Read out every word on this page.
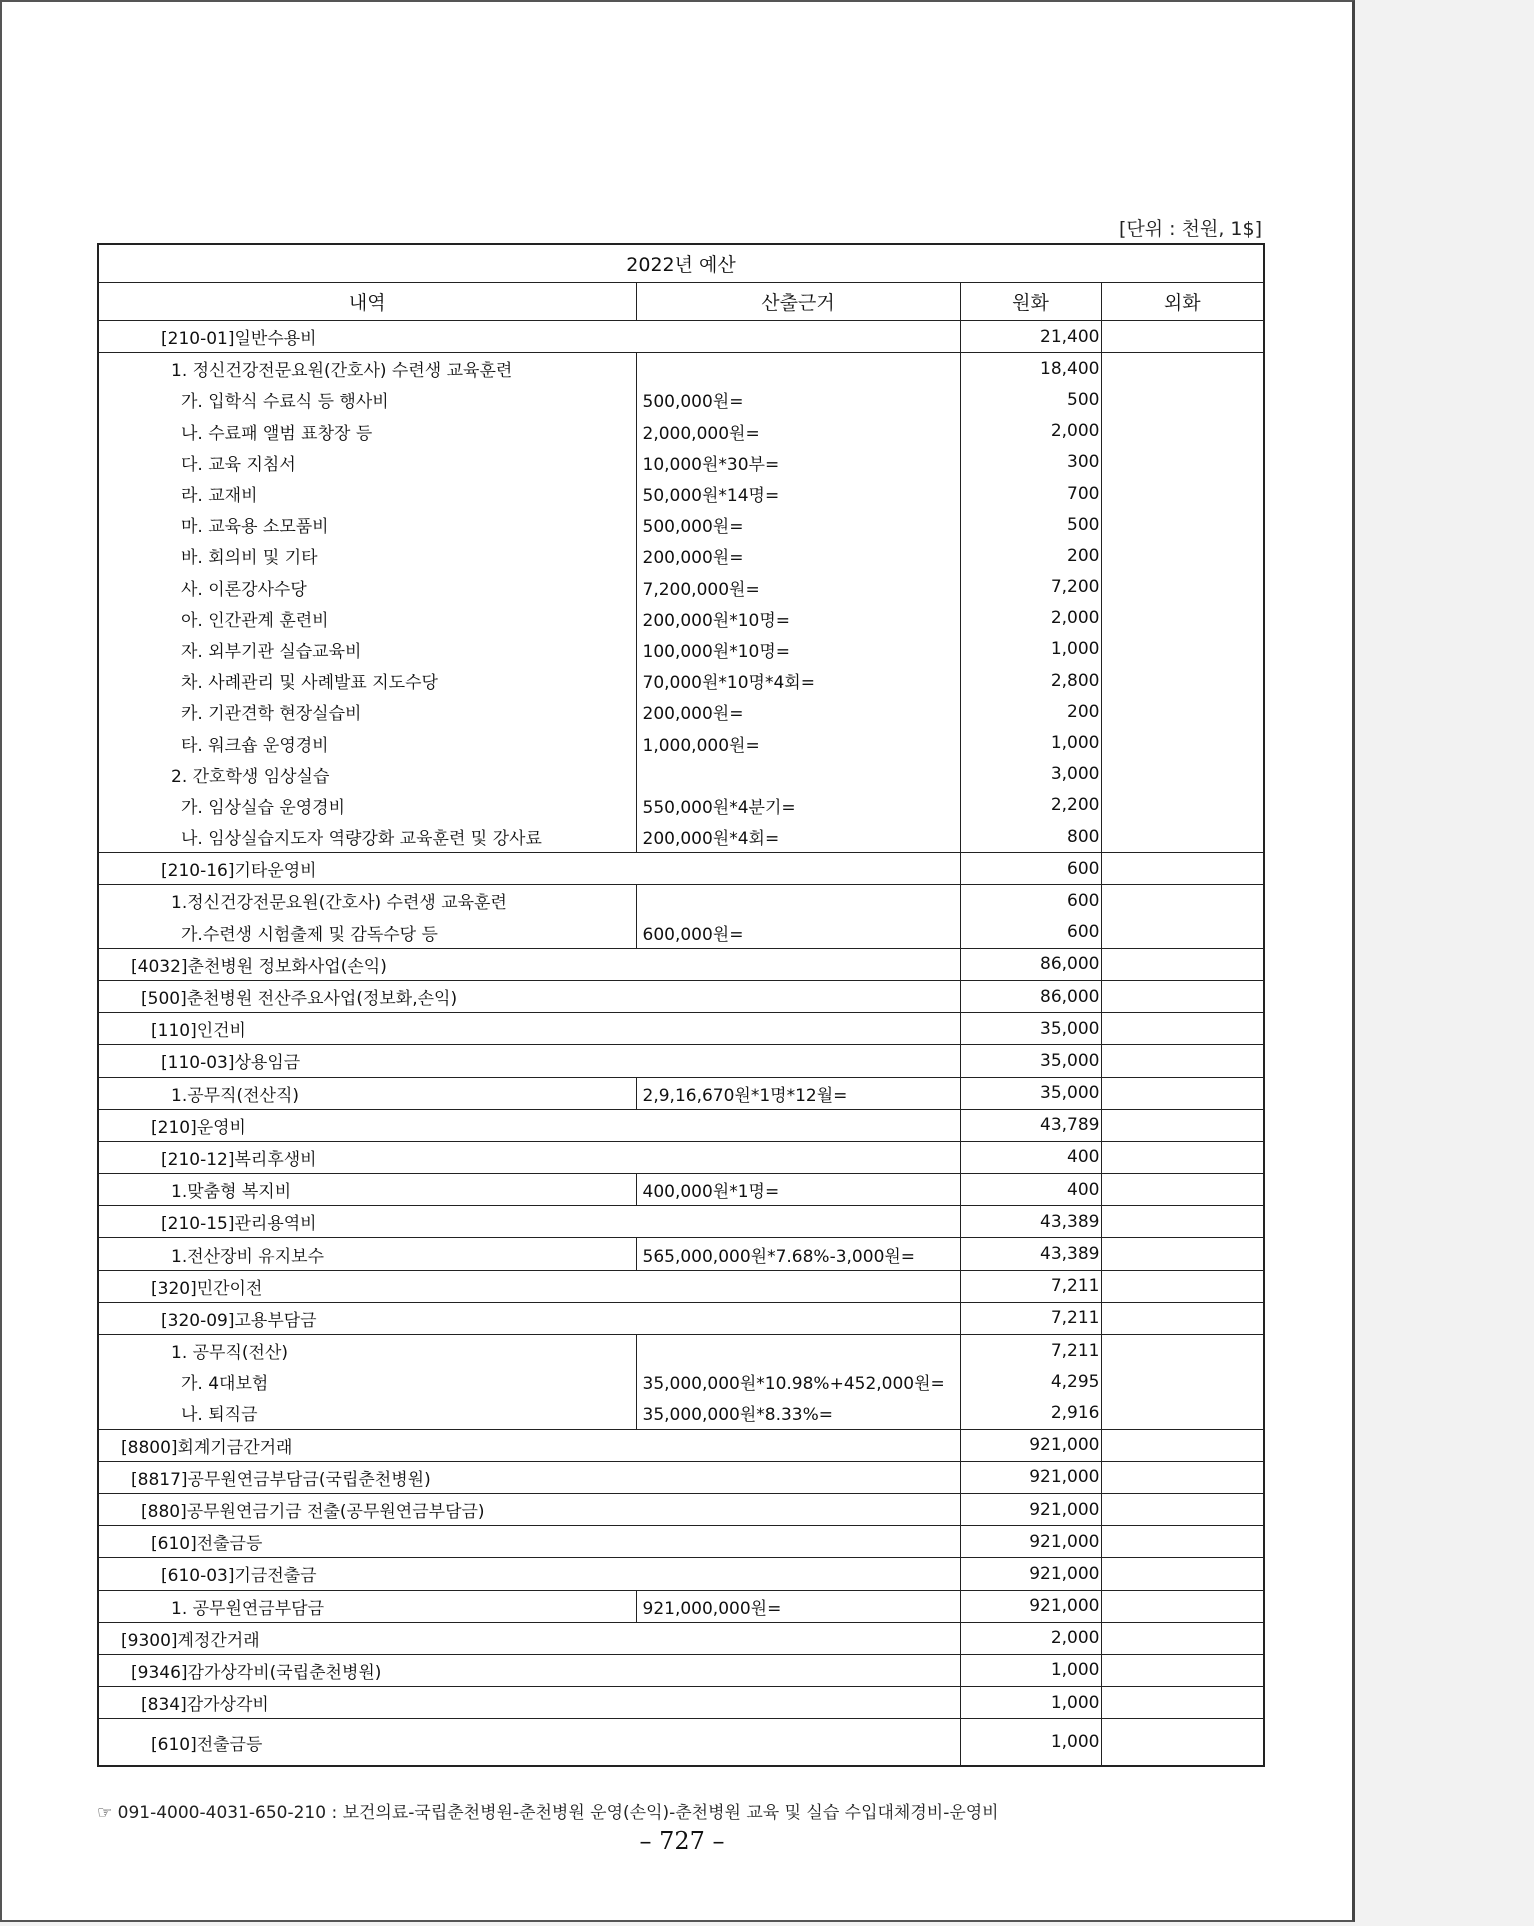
[단위 : 천원, 1$]
2022년 예산			
내역	산출근거	원화	외화
[210-01]일반수용비		21,400	
1. 정신건강전문요원(간호사) 수련생 교육훈련		18,400	
가. 입학식 수료식 등 행사비	500,000원=	500	
나. 수료패 앨범 표창장 등	2,000,000원=	2,000	
다. 교육 지침서	10,000원*30부=	300	
라. 교재비	50,000원*14명=	700	
마. 교육용 소모품비	500,000원=	500	
바. 회의비 및 기타	200,000원=	200	
사. 이론강사수당	7,200,000원=	7,200	
아. 인간관계 훈련비	200,000원*10명=	2,000	
자. 외부기관 실습교육비	100,000원*10명=	1,000	
차. 사례관리 및 사례발표 지도수당	70,000원*10명*4회=	2,800	
카. 기관견학 현장실습비	200,000원=	200	
타. 워크숍 운영경비	1,000,000원=	1,000	
2. 간호학생 임상실습		3,000	
가. 임상실습 운영경비	550,000원*4분기=	2,200	
나. 임상실습지도자 역량강화 교육훈련 및 강사료	200,000원*4회=	800	
[210-16]기타운영비		600	
1.정신건강전문요원(간호사) 수련생 교육훈련		600	
가.수련생 시험출제 및 감독수당 등	600,000원=	600	
[4032]춘천병원 정보화사업(손익)		86,000	
[500]춘천병원 전산주요사업(정보화,손익)		86,000	
[110]인건비		35,000	
[110-03]상용임금		35,000	
1.공무직(전산직)	2,9,16,670원*1명*12월=	35,000	
[210]운영비		43,789	
[210-12]복리후생비		400	
1.맞춤형 복지비	400,000원*1명=	400	
[210-15]관리용역비		43,389	
1.전산장비 유지보수	565,000,000원*7.68%-3,000원=	43,389	
[320]민간이전		7,211	
[320-09]고용부담금		7,211	
1. 공무직(전산)		7,211	
가. 4대보험	35,000,000원*10.98%+452,000원=	4,295	
나. 퇴직금	35,000,000원*8.33%=	2,916	
[8800]회계기금간거래		921,000	
[8817]공무원연금부담금(국립춘천병원)		921,000	
[880]공무원연금기금 전출(공무원연금부담금)		921,000	
[610]전출금등		921,000	
[610-03]기금전출금		921,000	
1. 공무원연금부담금	921,000,000원=	921,000	
[9300]계정간거래		2,000	
[9346]감가상각비(국립춘천병원)		1,000	
[834]감가상각비		1,000	
[610]전출금등		1,000	
☞ 091-4000-4031-650-210 : 보건의료-국립춘천병원-춘천병원 운영(손익)-춘천병원 교육 및 실습 수입대체경비-운영비
– 727 –
